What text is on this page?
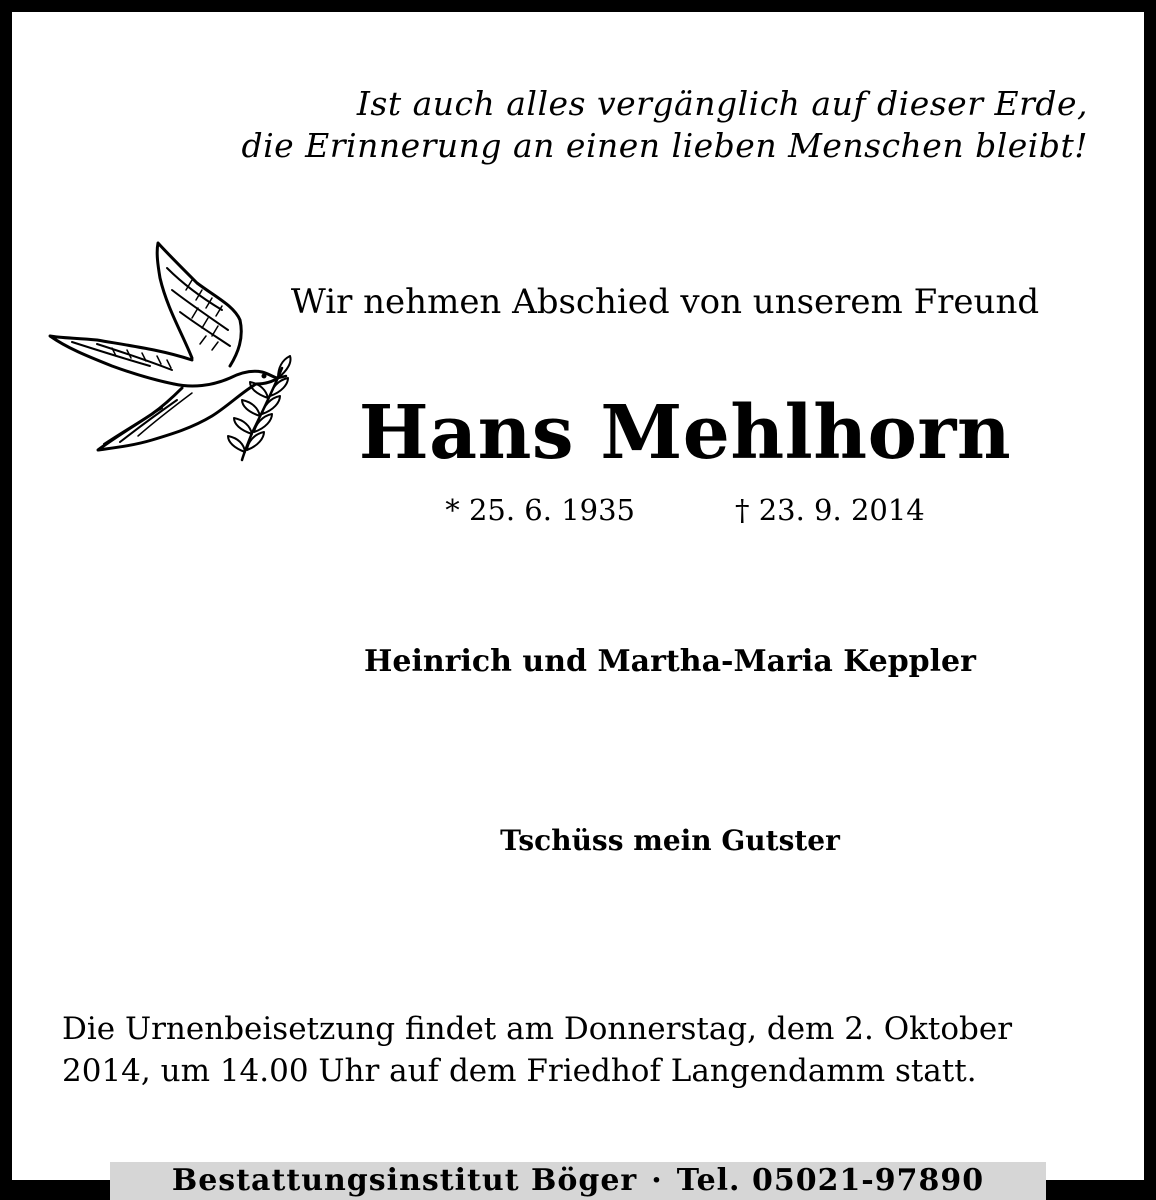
Ist auch alles vergänglich auf dieser Erde,
die Erinnerung an einen lieben Menschen bleibt!
Wir nehmen Abschied von unserem Freund
Hans Mehlhorn
* 25. 6. 1935	† 23. 9. 2014
Heinrich und Martha-Maria Keppler
Tschüss mein Gutster
Die Urnenbeisetzung findet am Donnerstag, dem 2. Oktober
2014, um 14.00 Uhr auf dem Friedhof Langendamm statt.
Bestattungsinstitut Böger · Tel. 05021-97890
